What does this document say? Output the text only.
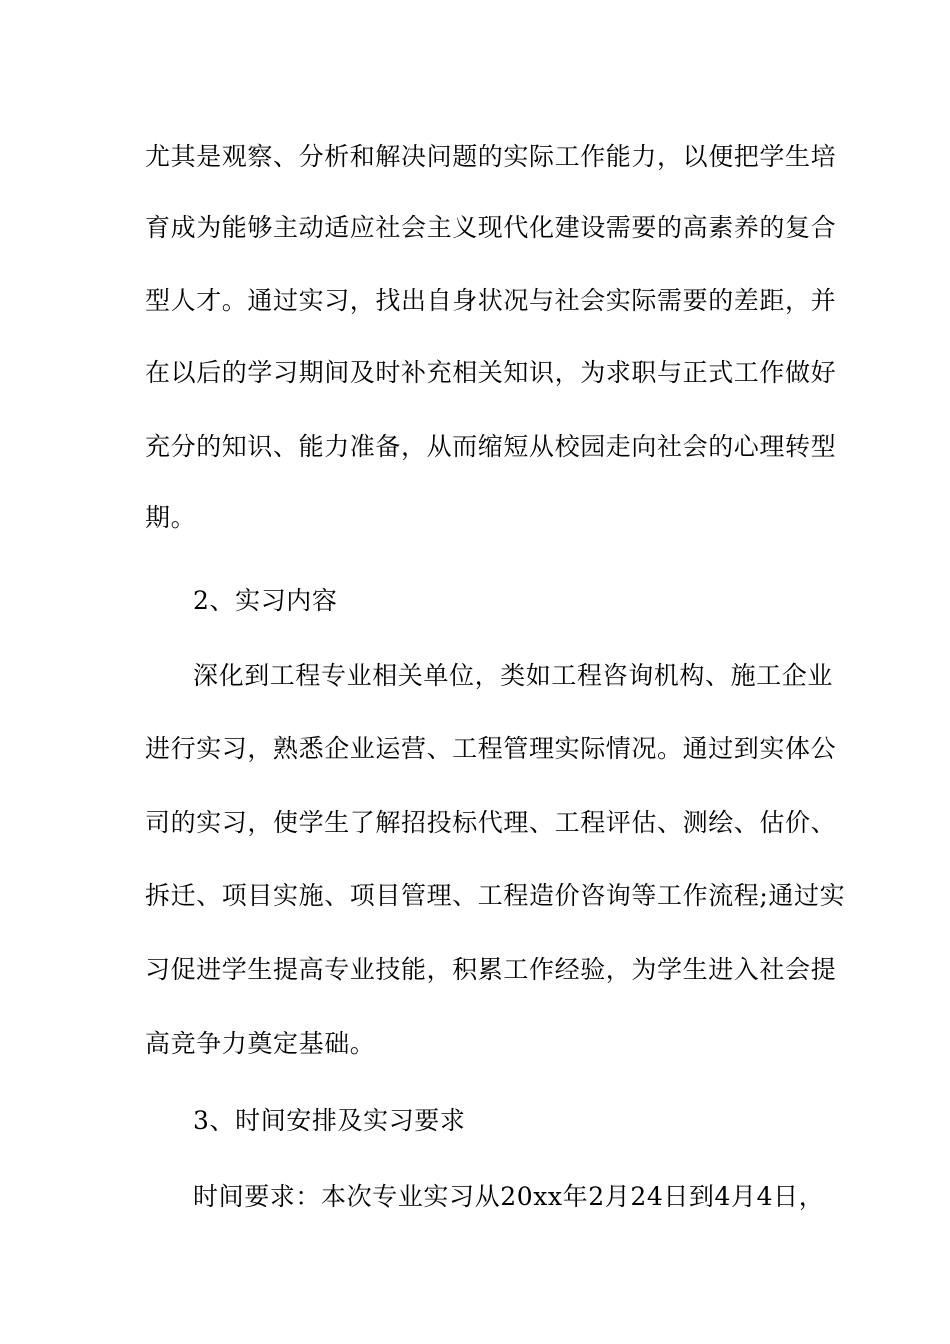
尤其是观察、分析和解决问题的实际工作能力，以便把学生培
育成为能够主动适应社会主义现代化建设需要的高素养的复合
型人才。通过实习，找出自身状况与社会实际需要的差距，并
在以后的学习期间及时补充相关知识，为求职与正式工作做好
充分的知识、能力准备，从而缩短从校园走向社会的心理转型
期。
2、实习内容
深化到工程专业相关单位，类如工程咨询机构、施工企业
进行实习，熟悉企业运营、工程管理实际情况。通过到实体公
司的实习，使学生了解招投标代理、工程评估、测绘、估价、
拆迁、项目实施、项目管理、工程造价咨询等工作流程;通过实
习促进学生提高专业技能，积累工作经验，为学生进入社会提
高竞争力奠定基础。
3、时间安排及实习要求
时间要求：本次专业实习从20xx年2月24日到4月4日，
